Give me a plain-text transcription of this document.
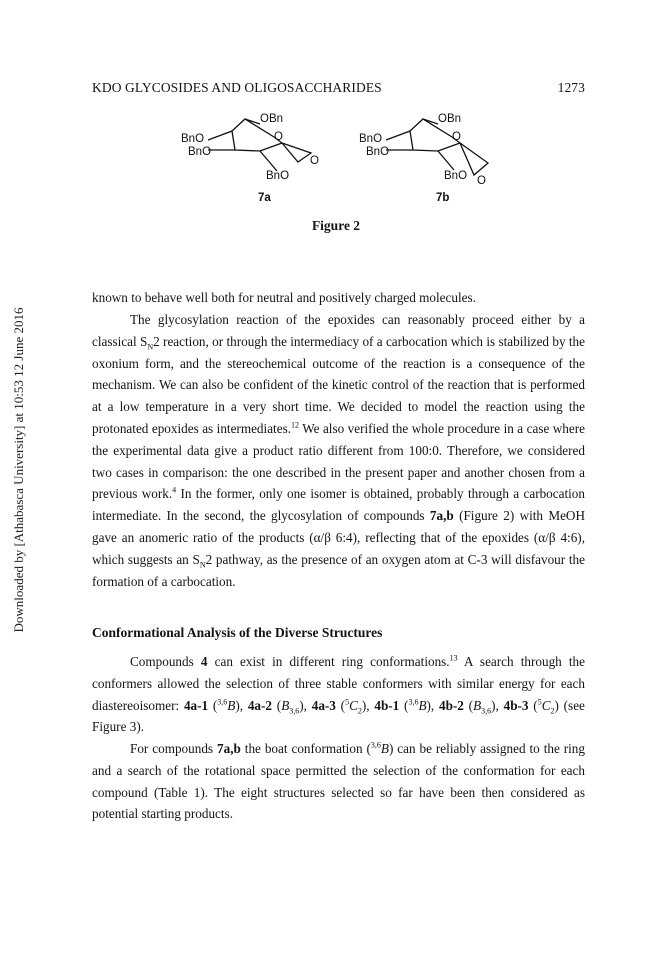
KDO GLYCOSIDES AND OLIGOSACCHARIDES	1273
Downloaded by [Athabasca University] at 10:53 12 June 2016
OBn
O
BnO
BnO
BnO
O
7a
OBn
O
BnO
BnO
BnO O
7b
Figure 2
known to behave well both for neutral and positively charged molecules.
The glycosylation reaction of the epoxides can reasonably proceed either by a classical $S_N2$ reaction, or through the intermediacy of a carbocation which is stabilized by the oxonium form, and the stereochemical outcome of the reaction is a consequence of the mechanism. We can also be confident of the kinetic control of the reaction that is performed at a low temperature in a very short time. We decided to model the reaction using the protonated epoxides as intermediates.$^{12}$ We also verified the whole procedure in a case where the experimental data give a product ratio different from 100:0. Therefore, we considered two cases in comparison: the one described in the present paper and another chosen from a previous work.$^4$ In the former, only one isomer is obtained, probably through a carbocation intermediate. In the second, the glycosylation of compounds 7a,b (Figure 2) with MeOH gave an anomeric ratio of the products (α/β 6:4), reflecting that of the epoxides (α/β 4:6), which suggests an $S_N2$ pathway, as the presence of an oxygen atom at C-3 will disfavour the formation of a carbocation.
Conformational Analysis of the Diverse Structures
Compounds 4 can exist in different ring conformations.$^{13}$ A search through the conformers allowed the selection of three stable conformers with similar energy for each diastereoisomer: 4a-1 ($^{3,6}$B), 4a-2 $(B_{3,6})$, 4a-3 $(^5C_2)$, 4b-1 ($^{3,6}$B), 4b-2 $(B_{3,6})$, 4b-3 $(^5C_2)$ (see Figure 3).
For compounds 7a,b the boat conformation ($^{3,6}$B) can be reliably assigned to the ring and a search of the rotational space permitted the selection of the conformation for each compound (Table 1). The eight structures selected so far have been then considered as potential starting products.
